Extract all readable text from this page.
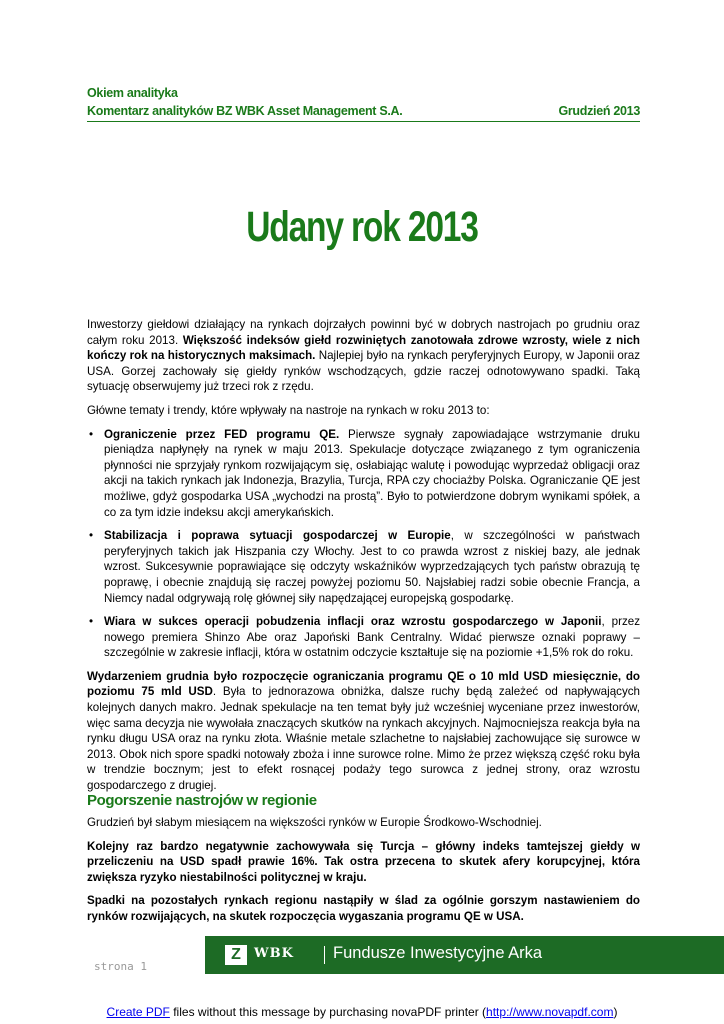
Okiem analityka
Komentarz analityków BZ WBK Asset Management S.A.	Grudzień 2013
Udany rok 2013

Inwestorzy giełdowi działający na rynkach dojrzałych powinni być w dobrych nastrojach po grudniu oraz całym roku 2013. Większość indeksów giełd rozwiniętych zanotowała zdrowe wzrosty, wiele z nich kończy rok na historycznych maksimach. Najlepiej było na rynkach peryferyjnych Europy, w Japonii oraz USA. Gorzej zachowały się giełdy rynków wschodzących, gdzie raczej odnotowywano spadki. Taką sytuację obserwujemy już trzeci rok z rzędu.

Główne tematy i trendy, które wpływały na nastroje na rynkach w roku 2013 to:

• Ograniczenie przez FED programu QE. Pierwsze sygnały zapowiadające wstrzymanie druku pieniądza napłynęły na rynek w maju 2013. Spekulacje dotyczące związanego z tym ograniczenia płynności nie sprzyjały rynkom rozwijającym się, osłabiając walutę i powodując wyprzedaż obligacji oraz akcji na takich rynkach jak Indonezja, Brazylia, Turcja, RPA czy chociażby Polska. Ograniczanie QE jest możliwe, gdyż gospodarka USA „wychodzi na prostą”. Było to potwierdzone dobrym wynikami spółek, a co za tym idzie indeksu akcji amerykańskich.
• Stabilizacja i poprawa sytuacji gospodarczej w Europie, w szczególności w państwach peryferyjnych takich jak Hiszpania czy Włochy. Jest to co prawda wzrost z niskiej bazy, ale jednak wzrost. Sukcesywnie poprawiające się odczyty wskaźników wyprzedzających tych państw obrazują tę poprawę, i obecnie znajdują się raczej powyżej poziomu 50. Najsłabiej radzi sobie obecnie Francja, a Niemcy nadal odgrywają rolę głównej siły napędzającej europejską gospodarkę.
• Wiara w sukces operacji pobudzenia inflacji oraz wzrostu gospodarczego w Japonii, przez nowego premiera Shinzo Abe oraz Japoński Bank Centralny. Widać pierwsze oznaki poprawy – szczególnie w zakresie inflacji, która w ostatnim odczycie kształtuje się na poziomie +1,5% rok do roku.

Wydarzeniem grudnia było rozpoczęcie ograniczania programu QE o 10 mld USD miesięcznie, do poziomu 75 mld USD. Była to jednorazowa obniżka, dalsze ruchy będą zależeć od napływających kolejnych danych makro. Jednak spekulacje na ten temat były już wcześniej wyceniane przez inwestorów, więc sama decyzja nie wywołała znaczących skutków na rynkach akcyjnych. Najmocniejsza reakcja była na rynku długu USA oraz na rynku złota. Właśnie metale szlachetne to najsłabiej zachowujące się surowce w 2013. Obok nich spore spadki notowały zboża i inne surowce rolne. Mimo że przez większą część roku była w trendzie bocznym; jest to efekt rosnącej podaży tego surowca z jednej strony, oraz wzrostu gospodarczego z drugiej.

Pogorszenie nastrojów w regionie

Grudzień był słabym miesiącem na większości rynków w Europie Środkowo-Wschodniej.

Kolejny raz bardzo negatywnie zachowywała się Turcja – główny indeks tamtejszej giełdy w przeliczeniu na USD spadł prawie 16%. Tak ostra przecena to skutek afery korupcyjnej, która zwiększa ryzyko niestabilności politycznej w kraju.

Spadki na pozostałych rynkach regionu nastąpiły w ślad za ogólnie gorszym nastawieniem do rynków rozwijających, na skutek rozpoczęcia wygaszania programu QE w USA.

strona 1
Z	WBK Fundusze Inwestycyjne Arka
Create PDF files without this message by purchasing novaPDF printer (http://www.novapdf.com)
